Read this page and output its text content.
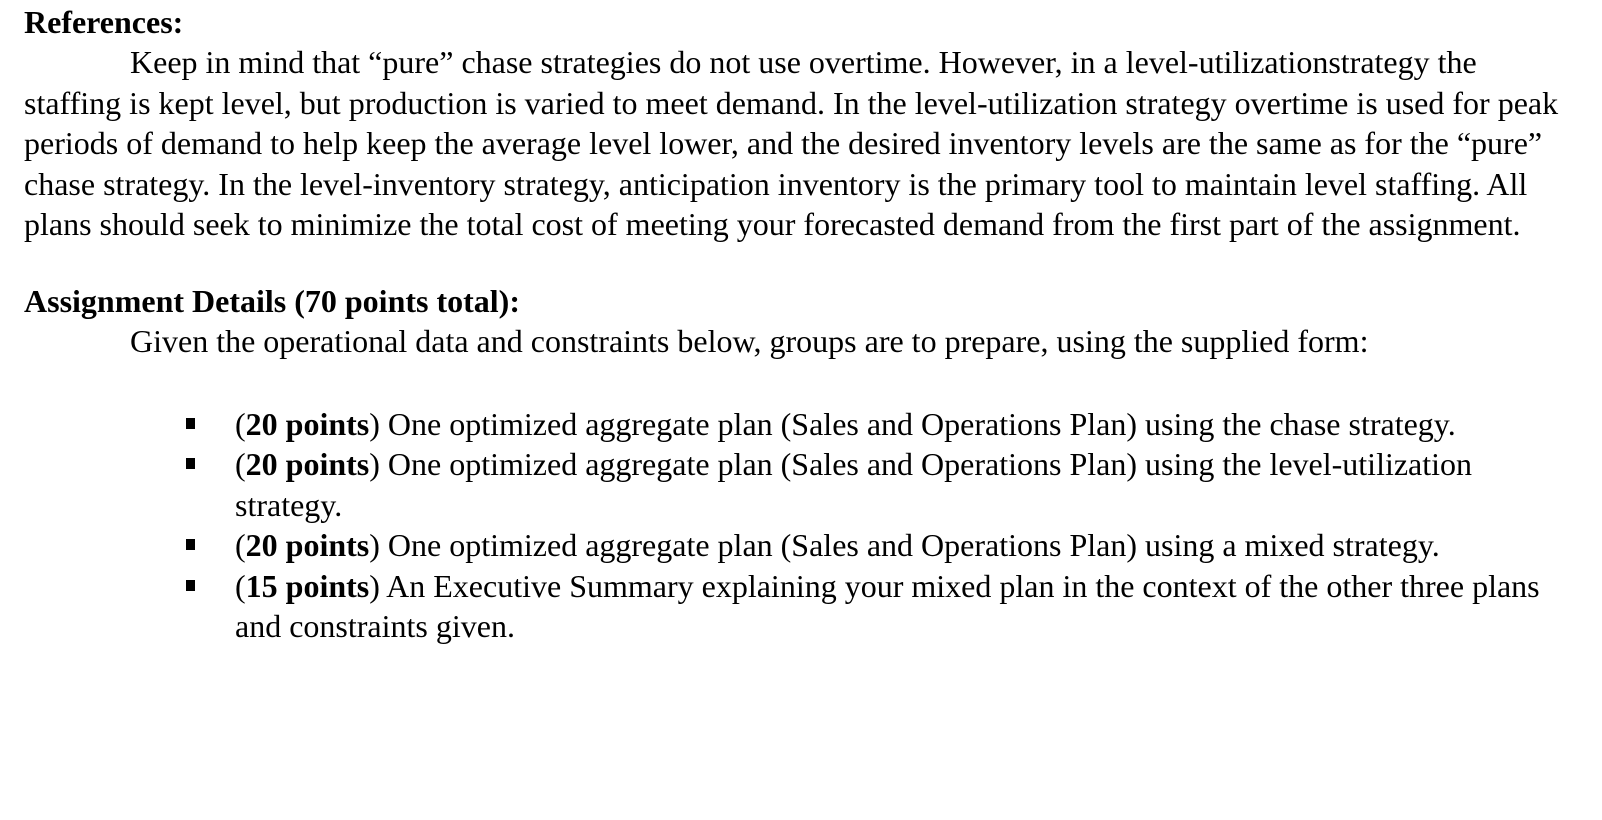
References:

Keep in mind that “pure” chase strategies do not use overtime. However, in a level-utilizationstrategy the staffing is kept level, but production is varied to meet demand. In the level-utilization strategy overtime is used for peak periods of demand to help keep the average level lower, and the desired inventory levels are the same as for the “pure” chase strategy. In the level-inventory strategy, anticipation inventory is the primary tool to maintain level staffing. All plans should seek to minimize the total cost of meeting your forecasted demand from the first part of the assignment.

Assignment Details (70 points total):

Given the operational data and constraints below, groups are to prepare, using the supplied form:

(20 points) One optimized aggregate plan (Sales and Operations Plan) using the chase strategy.
(20 points) One optimized aggregate plan (Sales and Operations Plan) using the level-utilization strategy.
(20 points) One optimized aggregate plan (Sales and Operations Plan) using a mixed strategy.
(15 points) An Executive Summary explaining your mixed plan in the context of the other three plans and constraints given.
